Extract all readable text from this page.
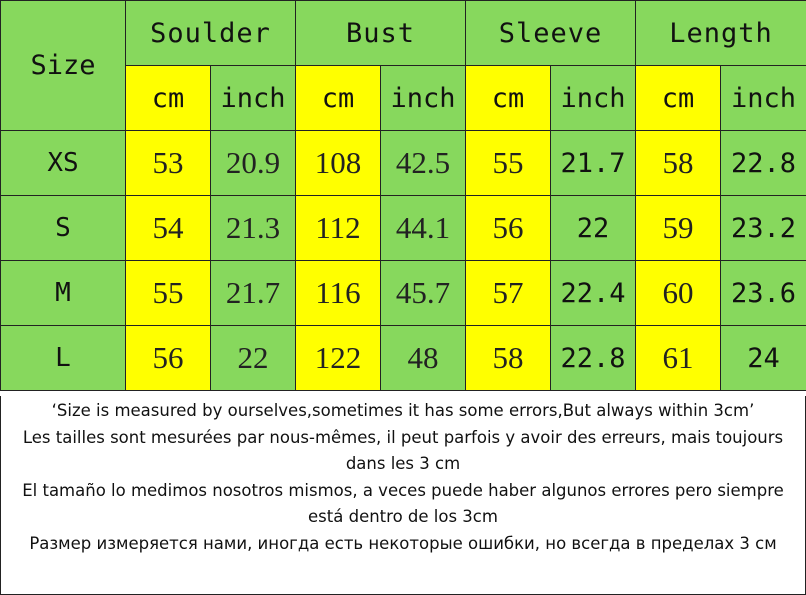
Size	Soulder		Bust		Sleeve		Length	
	cm	inch	cm	inch	cm	inch	cm	inch
XS	53	20.9	108	42.5	55	21.7	58	22.8
S	54	21.3	112	44.1	56	22	59	23.2
M	55	21.7	116	45.7	57	22.4	60	23.6
L	56	22	122	48	58	22.8	61	24

‘Size is measured by ourselves,sometimes it has some errors,But always within 3cm’

Les tailles sont mesurées par nous-mêmes, il peut parfois y avoir des erreurs, mais toujours dans les 3 cm

El tamaño lo medimos nosotros mismos, a veces puede haber algunos errores pero siempre está dentro de los 3cm

Размер измеряется нами, иногда есть некоторые ошибки, но всегда в пределах 3 см
